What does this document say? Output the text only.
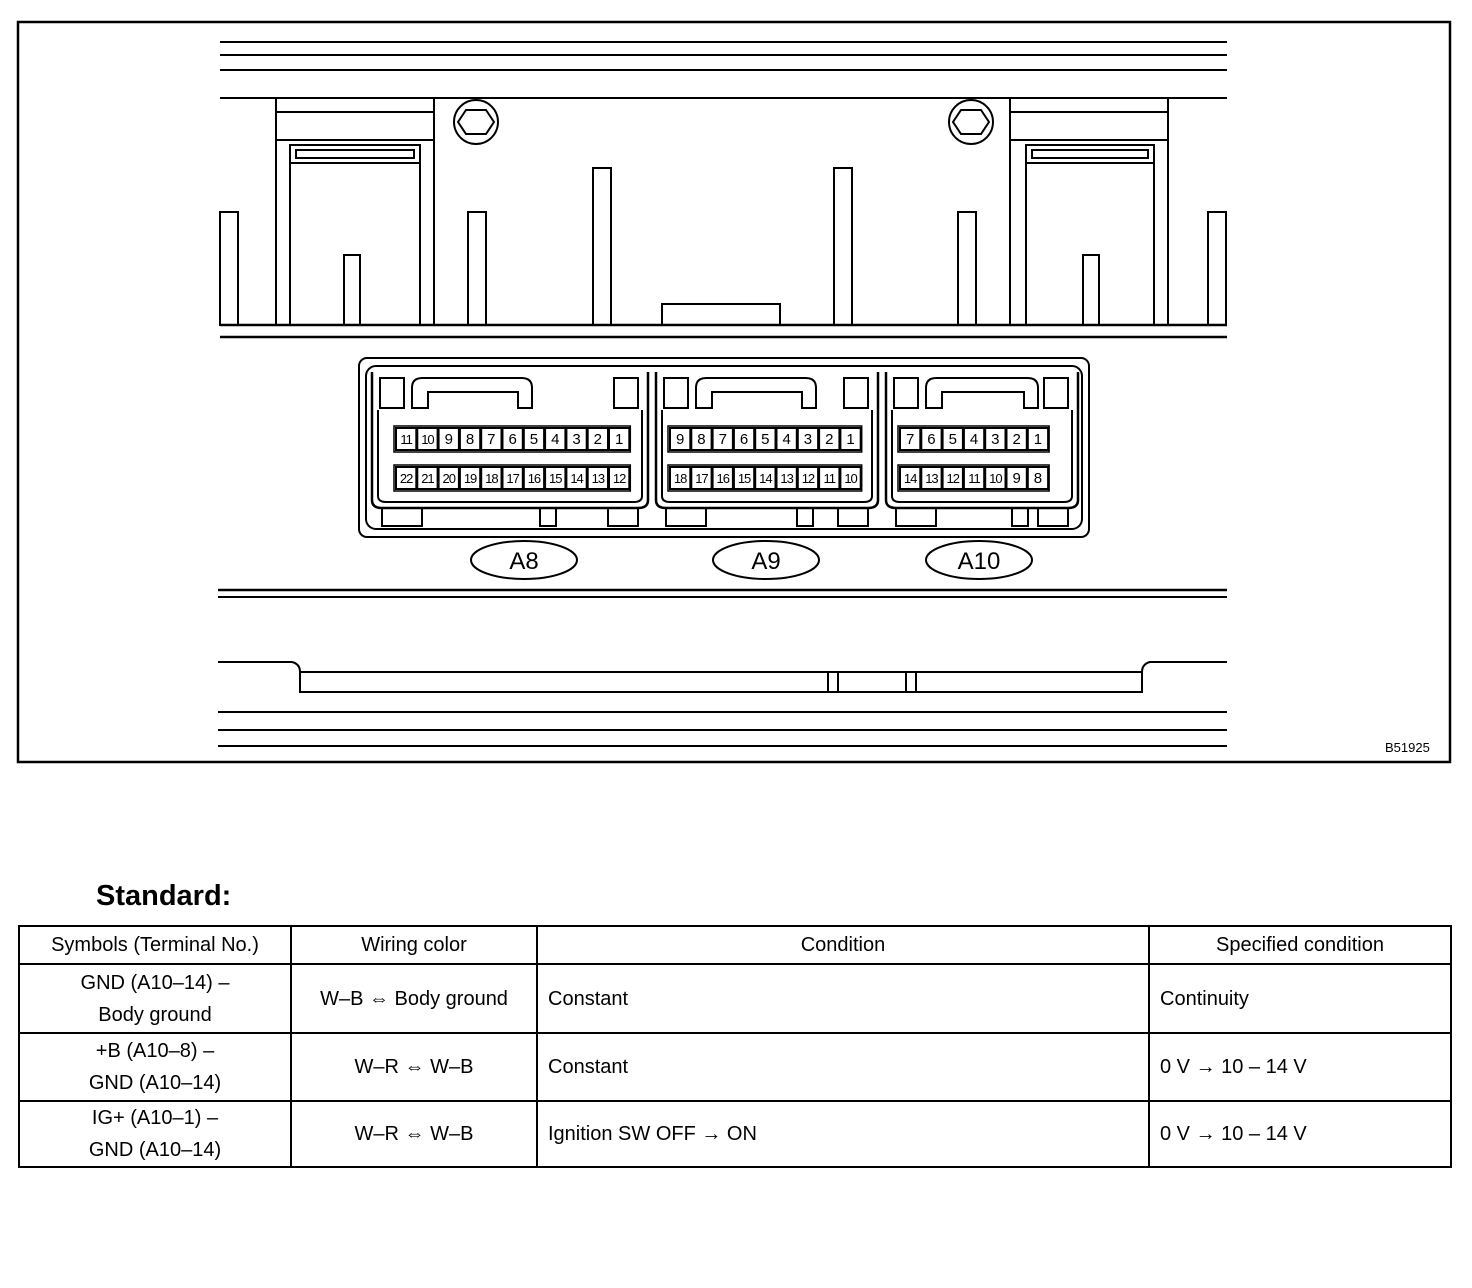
11 10 9 8 7 6 5 4 3 2 1
22 21 20 19 18 17 16 15 14 13 12
A8
9 8 7 6 5 4 3 2 1
18 17 16 15 14 13 12 11 10
A9
7 6 5 4 3 2 1
14 13 12 11 10 9 8
A10
B51925
Standard:
Symbols (Terminal No.)	Wiring color	Condition	Specified condition

GND (A10–14) –
Body ground	W–B ⇔ Body ground	Constant	Continuity

+B (A10–8) –
GND (A10–14)	W–R ⇔ W–B	Constant	0 V → 10 – 14 V

IG+ (A10–1) –
GND (A10–14)	W–R ⇔ W–B	Ignition SW OFF → ON	0 V → 10 – 14 V
